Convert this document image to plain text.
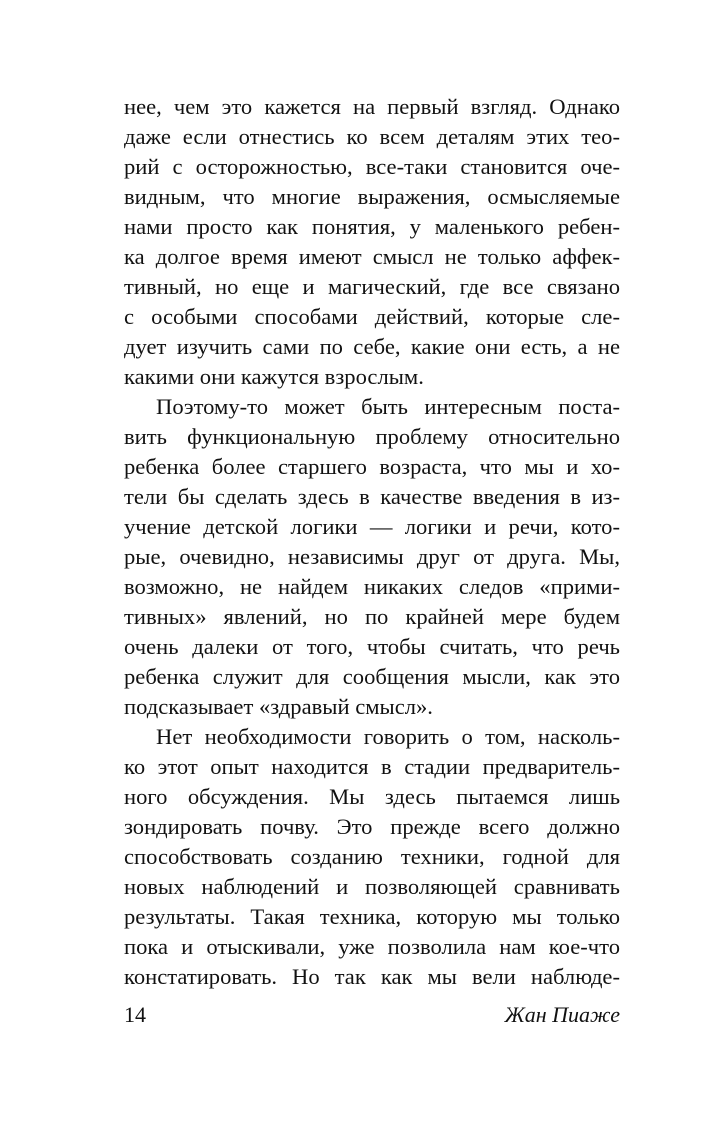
нее, чем это кажется на первый взгляд. Однако
даже если отнестись ко всем деталям этих тео-
рий с осторожностью, все-таки становится оче-
видным, что многие выражения, осмысляемые
нами просто как понятия, у маленького ребен-
ка долгое время имеют смысл не только аффек-
тивный, но еще и магический, где все связано
с особыми способами действий, которые сле-
дует изучить сами по себе, какие они есть, а не
какими они кажутся взрослым.
Поэтому-то может быть интересным поста-
вить функциональную проблему относительно
ребенка более старшего возраста, что мы и хо-
тели бы сделать здесь в качестве введения в из-
учение детской логики — логики и речи, кото-
рые, очевидно, независимы друг от друга. Мы,
возможно, не найдем никаких следов «прими-
тивных» явлений, но по крайней мере будем
очень далеки от того, чтобы считать, что речь
ребенка служит для сообщения мысли, как это
подсказывает «здравый смысл».
Нет необходимости говорить о том, насколь-
ко этот опыт находится в стадии предваритель-
ного обсуждения. Мы здесь пытаемся лишь
зондировать почву. Это прежде всего должно
способствовать созданию техники, годной для
новых наблюдений и позволяющей сравнивать
результаты. Такая техника, которую мы только
пока и отыскивали, уже позволила нам кое-что
констатировать. Но так как мы вели наблюде-
14	Жан Пиаже
